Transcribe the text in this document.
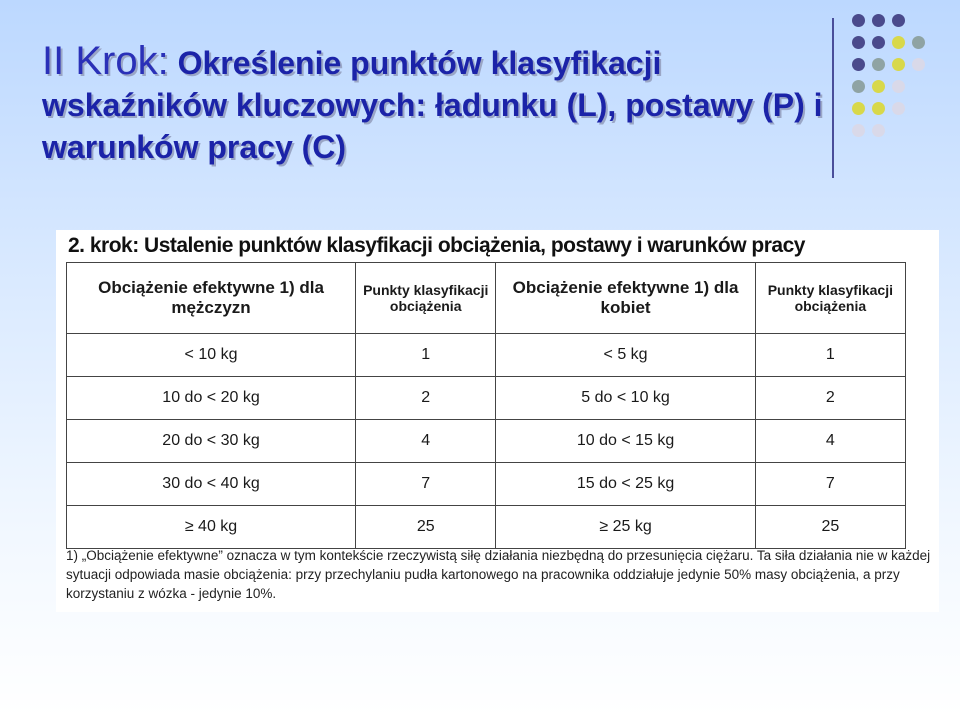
II Krok: Określenie punktów klasyfikacji wskaźników kluczowych: ładunku (L), postawy (P) i warunków pracy (C)
2. krok: Ustalenie punktów klasyfikacji obciążenia, postawy i warunków pracy
Obciążenie efektywne 1) dla mężczyzn	Punkty klasyfikacji obciążenia	Obciążenie efektywne 1) dla kobiet	Punkty klasyfikacji obciążenia
< 10 kg	1	< 5 kg	1
10 do < 20 kg	2	5 do < 10 kg	2
20 do < 30 kg	4	10 do < 15 kg	4
30 do < 40 kg	7	15 do < 25 kg	7
≥ 40 kg	25	≥ 25 kg	25
1) „Obciążenie efektywne” oznacza w tym kontekście rzeczywistą siłę działania niezbędną do przesunięcia ciężaru. Ta siła działania nie w każdej sytuacji odpowiada masie obciążenia: przy przechylaniu pudła kartonowego na pracownika oddziałuje jedynie 50% masy obciążenia, a przy korzystaniu z wózka - jedynie 10%.
